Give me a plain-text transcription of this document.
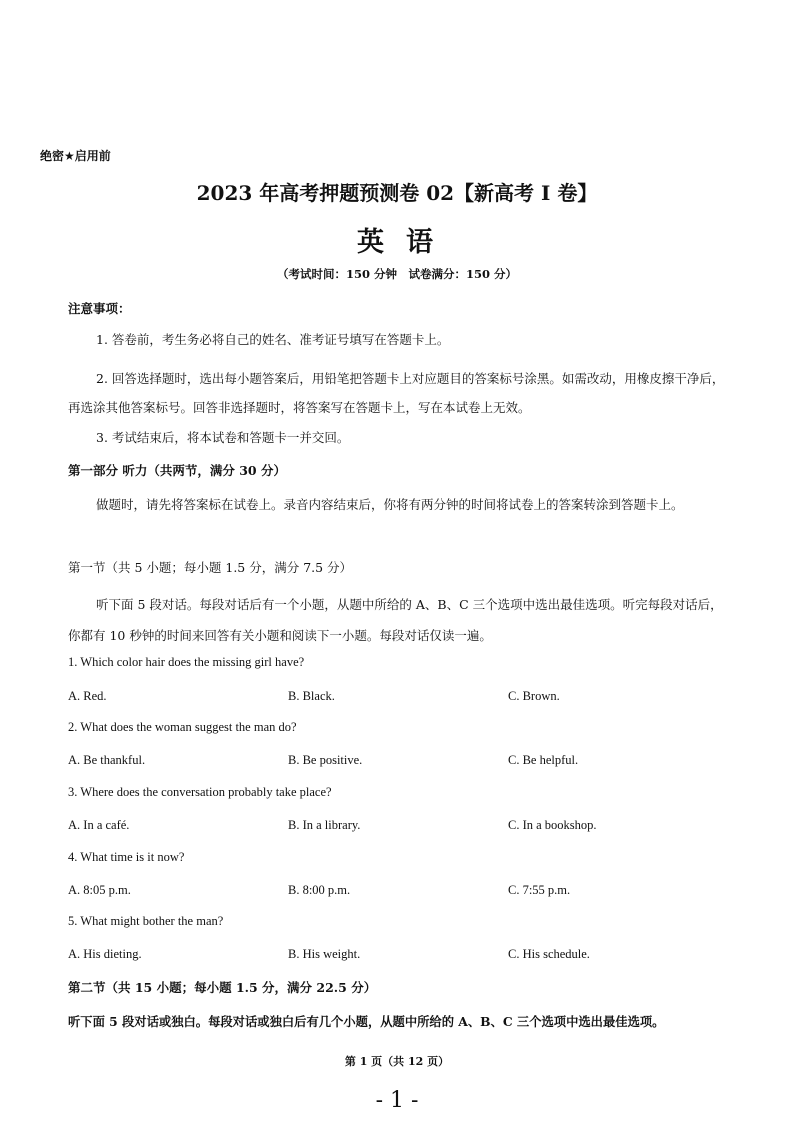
绝密★启用前
2023 年高考押题预测卷 02【新高考 I 卷】
英语
（考试时间：150 分钟　试卷满分：150 分）
注意事项：
1. 答卷前，考生务必将自己的姓名、准考证号填写在答题卡上。
2. 回答选择题时，选出每小题答案后，用铅笔把答题卡上对应题目的答案标号涂黑。如需改动，用橡皮擦干净后，再选涂其他答案标号。回答非选择题时，将答案写在答题卡上，写在本试卷上无效。
3. 考试结束后，将本试卷和答题卡一并交回。
第一部分 听力（共两节，满分 30 分）
做题时，请先将答案标在试卷上。录音内容结束后，你将有两分钟的时间将试卷上的答案转涂到答题卡上。
第一节（共 5 小题；每小题 1.5 分，满分 7.5 分）
听下面 5 段对话。每段对话后有一个小题，从题中所给的 A、B、C 三个选项中选出最佳选项。听完每段对话后，你都有 10 秒钟的时间来回答有关小题和阅读下一小题。每段对话仅读一遍。
1. Which color hair does the missing girl have?
A. Red.	B. Black.	C. Brown.
2. What does the woman suggest the man do?
A. Be thankful.	B. Be positive.	C. Be helpful.
3. Where does the conversation probably take place?
A. In a café.	B. In a library.	C. In a bookshop.
4. What time is it now?
A. 8:05 p.m.	B. 8:00 p.m.	C. 7:55 p.m.
5. What might bother the man?
A. His dieting.	B. His weight.	C. His schedule.
第二节（共 15 小题；每小题 1.5 分，满分 22.5 分）
听下面 5 段对话或独白。每段对话或独白后有几个小题，从题中所给的 A、B、C 三个选项中选出最佳选项。
第 1 页（共 12 页）
- 1 -
